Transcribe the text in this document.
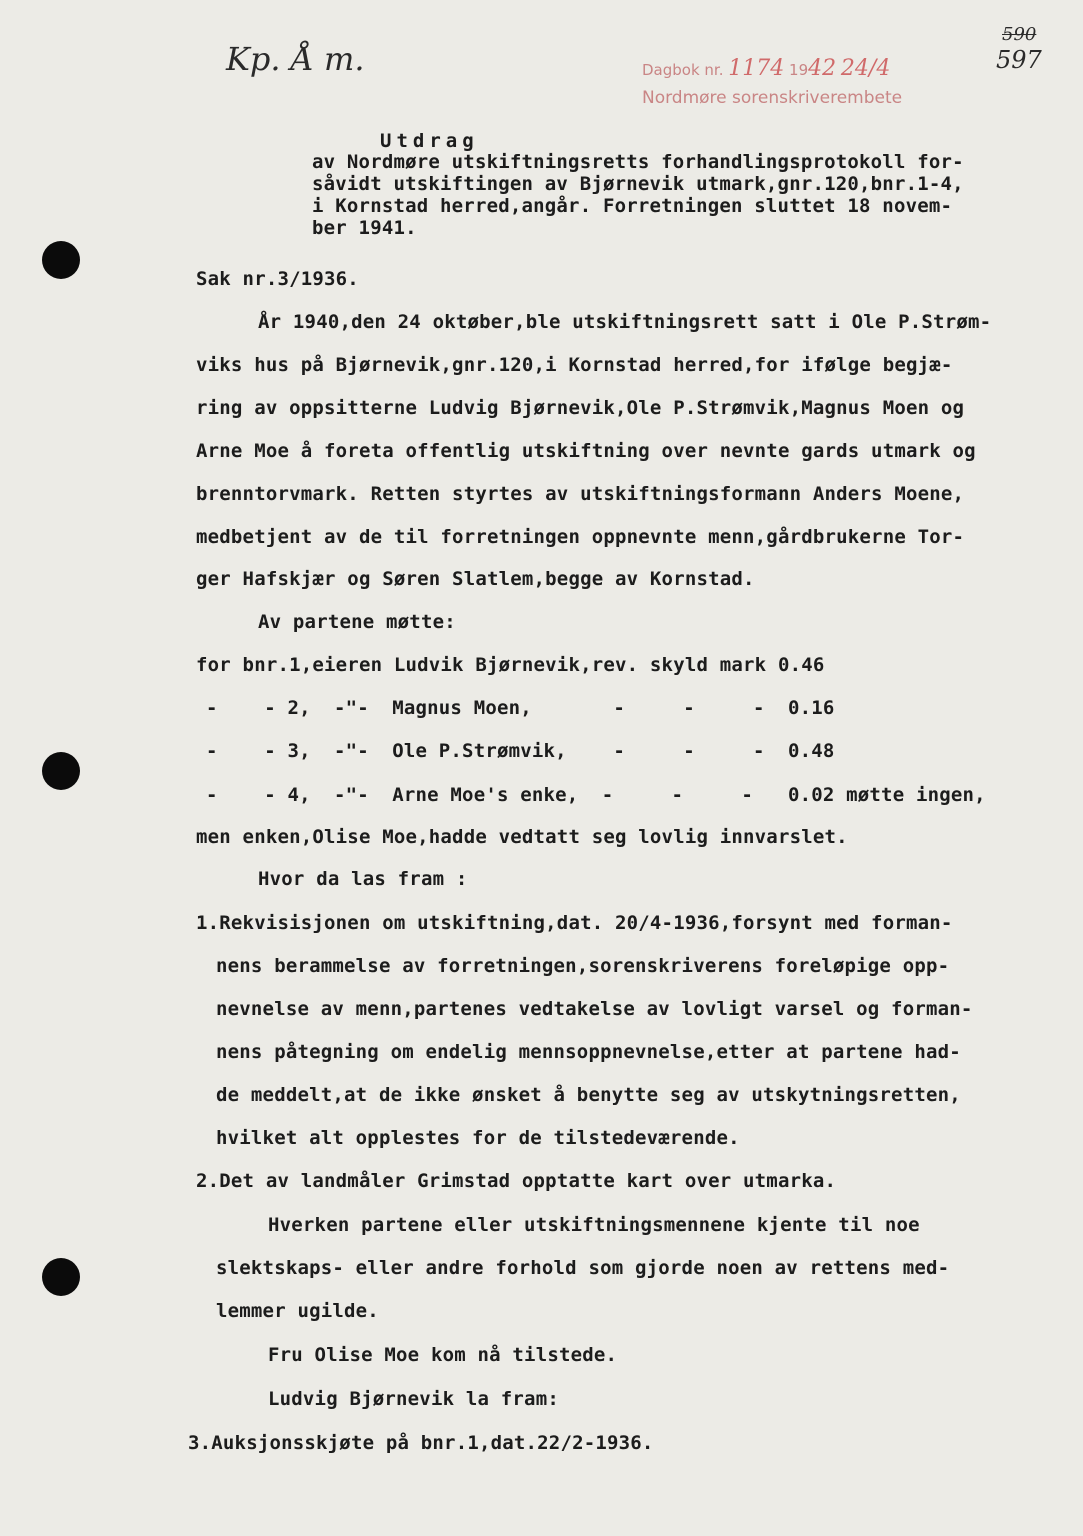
Kp. Å m.
590
597
Dagbok nr. 1174 1942 24/4
Nordmøre sorenskriverembete
Utdrag
av Nordmøre utskiftningsretts forhandlingsprotokoll for-
såvidt utskiftingen av Bjørnevik utmark,gnr.120,bnr.1-4,
i Kornstad herred,angår. Forretningen sluttet 18 novem-
ber 1941.
Sak nr.3/1936.
År 1940,den 24 oktøber,ble utskiftningsrett satt i Ole P.Strøm-
viks hus på Bjørnevik,gnr.120,i Kornstad herred,for ifølge begjæ-
ring av oppsitterne Ludvig Bjørnevik,Ole P.Strømvik,Magnus Moen og
Arne Moe å foreta offentlig utskiftning over nevnte gards utmark og
brenntorvmark. Retten styrtes av utskiftningsformann Anders Moene,
medbetjent av de til forretningen oppnevnte menn,gårdbrukerne Tor-
ger Hafskjær og Søren Slatlem,begge av Kornstad.
Av partene møtte:
for bnr.1,eieren Ludvik Bjørnevik,rev. skyld mark 0.46
-    - 2,  -"-  Magnus Moen,       -     -     -  0.16
-    - 3,  -"-  Ole P.Strømvik,    -     -     -  0.48
-    - 4,  -"-  Arne Moe's enke,  -     -     -   0.02 møtte ingen,
men enken,Olise Moe,hadde vedtatt seg lovlig innvarslet.
Hvor da las fram :
1.Rekvisisjonen om utskiftning,dat. 20/4-1936,forsynt med forman-
nens berammelse av forretningen,sorenskriverens foreløpige opp-
nevnelse av menn,partenes vedtakelse av lovligt varsel og forman-
nens påtegning om endelig mennsoppnevnelse,etter at partene had-
de meddelt,at de ikke ønsket å benytte seg av utskytningsretten,
hvilket alt opplestes for de tilstedeværende.
2.Det av landmåler Grimstad opptatte kart over utmarka.
Hverken partene eller utskiftningsmennene kjente til noe
slektskaps- eller andre forhold som gjorde noen av rettens med-
lemmer ugilde.
Fru Olise Moe kom nå tilstede.
Ludvig Bjørnevik la fram:
3.Auksjonsskjøte på bnr.1,dat.22/2-1936.
